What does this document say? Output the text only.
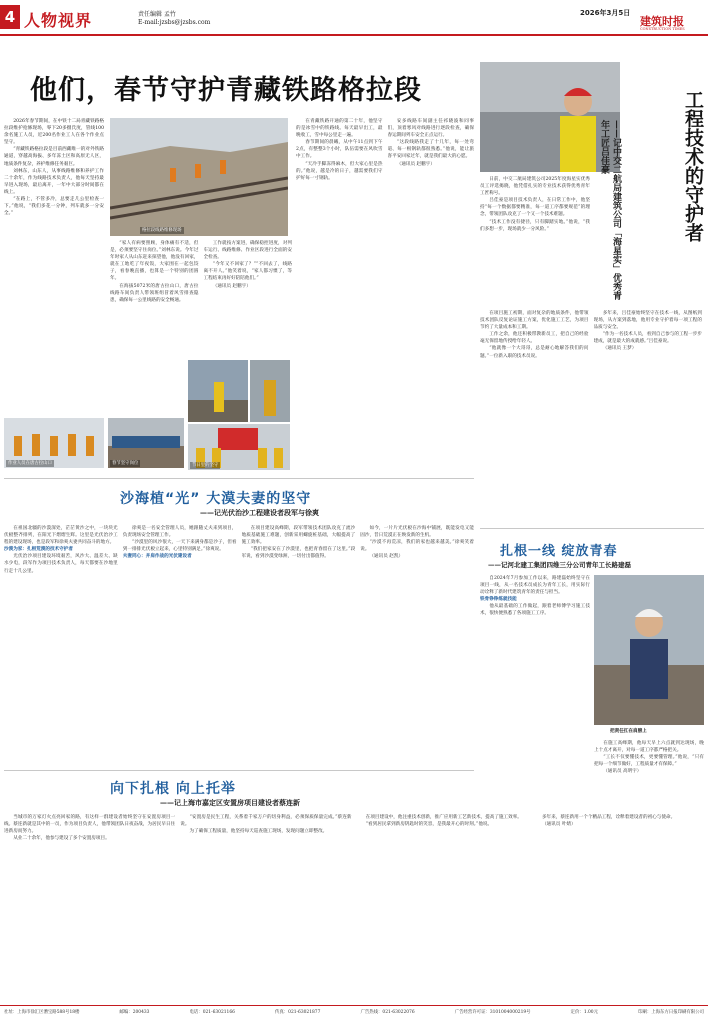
4 人物视界	责任编辑 孟竹
E-mail:jzsbs@jzsbs.com
2026年3月5日
建筑时报
CONSTRUCTION TIMES
他们，春节守护青藏铁路格拉段

2026年春节期间，在中铁十二局青藏铁路格拉段维护抢修现场，零下20多摄氏度，管线100余名施工人员，近200名作业工人在各个作业点坚守。

“青藏铁路格拉段是目前西藏唯一的对外铁路通道，穿越高海拔、多年冻土区和高原无人区，地质条件复杂，养护维修任务艰巨。

刘林东，山东人，从事线路维修和养护工作二十余年，作为线路技术负责人，他每天坚持最早进入现场，最后离开，一年中大部分时间都在线上。

“在路上，不管多冷，总要走几公里检查一下。”他说，“我们多花一分钟，列车就多一分安全。”

格拉段线路维修现场

“家人有病要照顾，身体痛有不适，但是，必须要坚守住岗位。”刘林东说。今年过年时家人从山东赶来探望他，他没有回家，就在工地吃了年夜饭，大家围在一起包饺子，看春晚直播，也算是一个特别的团圆年。

在海拔5072米的唐古拉山口，唐古拉线路车间负责人带领班组冒着风雪排查隐患，确保每一公里线路的安全畅通。

工作就按方案进，确保稳控进度，对列车运行、线路维修、作业区段进行全面的安全检查。

“今年又不回家了？”“不回去了，线路离不开人。”他笑着说，“家人都习惯了，等工程结束再好好陪陪他们。”

（通讯员 赵鹏宇）

作业人员在唐古拉山口	春节坚守岗位	节日里的坚守

在青藏铁路开通的第二十年，他坚守的是冰雪中的铁路线。每天最早出工，最晚收工，雪中每公里走一遍。

春节期间的晨曦，从中午11点到下午2点，有整整3个小时，队伍需要在风吹雪中工作。

“天冷手脚冻得麻木，但大家心里是热的。”他说，越是冷的日子，越需要我们守护好每一寸钢轨。

安多线路车间副主任祁晓波和同事们，顶着寒风对线路进行逐段检查，确保春运期间列车安全正点运行。

“这段线路我走了十几年，每一处弯道、每一根钢轨都很熟悉。”他说，能让旅客平安回家过年，就是我们最大的心愿。

（通讯员 赵鹏宇）	工程技术的守护者
——记中交二航局建筑公司「海星实」优秀青年工匠吕佳豪

日前，中交二航局建筑公司2025年度海星实优秀员工评选揭晓，他凭借扎实的专业技术获得优秀青年工匠称号。

吕佳豪是项目技术负责人，在日常工作中，他坚持“每一个数据都要精准，每一道工序都要规范”的理念，带领团队攻克了一个又一个技术难题。

“技术工作没有捷径，只有脚踏实地。”他说，“我们多想一步，现场就少一分风险。”

在项目施工初期，面对复杂的地质条件，他带领技术团队反复论证施工方案，优化施工工艺，为项目节约了大量成本和工期。

工作之余，他还积极带教新员工，把自己的经验毫无保留地传授给年轻人。

“他就像一个大哥哥，总是耐心地解答我们的问题。”一位新入职的技术员说。

多年来，吕佳豪始终坚守在技术一线，从图纸到现场，从方案到落地，他用专业守护着每一项工程的品质与安全。

“作为一名技术人员，看到自己参与的工程一步步建成，就是最大的成就感。”吕佳豪说。

（通讯员 王梦）

沙海植“光” 大漠夫妻的坚守
——记光伏治沙工程建设者段军与徐爽

在祖国北疆的沙漠深处，茫茫黄沙之中，一块块光伏板整齐排列，在阳光下熠熠生辉。这里是光伏治沙工程的建设现场，也是段军和徐爽夫妻共同奋斗的地方。

沙漠为家：扎根荒漠的技术守护者

光伏治沙项目建设环境艰苦，风沙大、温差大、缺水少电，段军作为项目技术负责人，每天都要在沙地里行走十几公里。

徐爽是一名安全管理人员，她跟随丈夫来到项目，负责现场安全管理工作。

“沙漠里的风沙很大，一天下来满身都是沙子，但看到一排排光伏板立起来，心里特别满足。”徐爽说。

夫妻同心：并肩作战的光伏建设者

在项目建设高峰期，段军带领技术团队攻克了流沙地质基础施工难题，创新采用螺旋桩基础，大幅提高了施工效率。

“我们把家安在了沙漠里，也把青春留在了这里。”段军说，看到沙漠变绿洲，一切付出都值得。

如今，一片片光伏板在沙海中铺展，既能发电又能固沙，昔日荒漠正在焕发新的生机。

“沙漠不再荒凉，我们的家也越来越美。”徐爽笑着说。

（通讯员 赵凯）	扎根一线 绽放青春
——记河北建工集团四维三分公司青年工长路建磊

自2024年7月参加工作以来，路建磊始终坚守在项目一线，从一名技术员成长为青年工长，用实际行动诠释了新时代建筑青年的责任与担当。

铁骨铮铮练就技能

他从最基础的工作做起，跟着老师傅学习施工技术，很快便熟悉了各项施工工序。

把责任扛在肩膀上

在施工高峰期，他每天早上六点就到达现场，晚上十点才离开，对每一道工序都严格把关。

“工长不仅要懂技术，更要懂管理。”他说，“只有把每一个细节做好，工程质量才有保障。”

（通讯员 高明宇）

向下扎根 向上托举
——记上海市嘉定区安置房项目建设者蔡连新

当城市的万家灯火点亮回家的路，有这样一群建设者始终坚守在安置房项目一线。蔡连新就是其中的一员，作为项目负责人，他带领团队日夜奋战，为居民早日住进新房而努力。

从业二十余年，他参与建设了多个安置房项目。

“安置房是民生工程，关系着千家万户的切身利益，必须保质保量完成。”蔡连新说。

为了确保工程质量，他坚持每天巡查施工现场，发现问题立即整改。

在项目建设中，他注重技术创新，推广应用新工艺新技术，提高了施工效率。

“看到居民拿到新房钥匙时的笑容，是我最开心的时刻。”他说。

多年来，蔡连新用一个个精品工程，诠释着建设者的初心与使命。

（通讯员 叶婧）

社址：上海市徐汇区漕宝路588号18楼	邮编：200433	电话：021-63021166	传真：021-63021877	广告热线：021-63022076	广告经营许可证：3101004000219号	定价：1.00元	印刷：上海东方日报印刷有限公司
